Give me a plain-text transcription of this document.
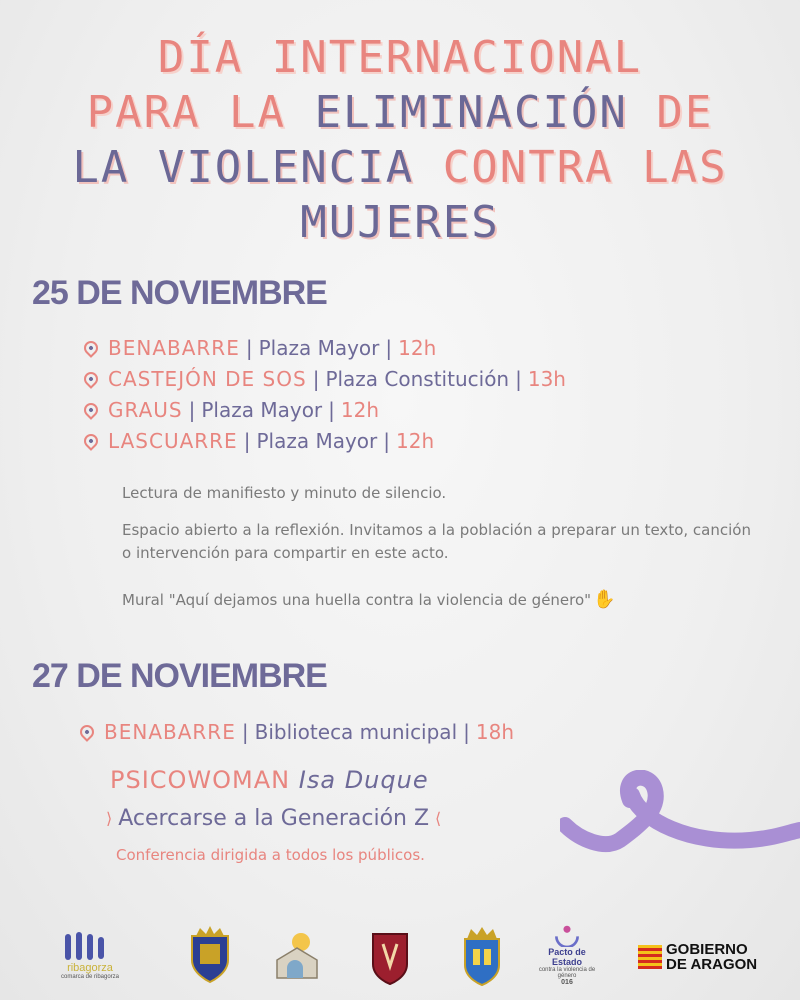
DÍA INTERNACIONAL
PARA LA ELIMINACIÓN DE
LA VIOLENCIA CONTRA LAS
MUJERES
25 DE NOVIEMBRE
BENABARRE | Plaza Mayor | 12h
CASTEJÓN DE SOS | Plaza Constitución | 13h
GRAUS | Plaza Mayor | 12h
LASCUARRE | Plaza Mayor | 12h
Lectura de manifiesto y minuto de silencio.
Espacio abierto a la reflexión. Invitamos a la población a preparar un texto, canción o intervención para compartir en este acto.
Mural "Aquí dejamos una huella contra la violencia de género" ✋
27 DE NOVIEMBRE
BENABARRE | Biblioteca municipal | 18h
PSICOWOMAN Isa Duque
⟩ Acercarse a la Generación Z ⟨
Conferencia dirigida a todos los públicos.
ribagorza
comarca de ribagorza
Pacto de Estado
contra la violencia de género
016
GOBIERNO
DE ARAGON
